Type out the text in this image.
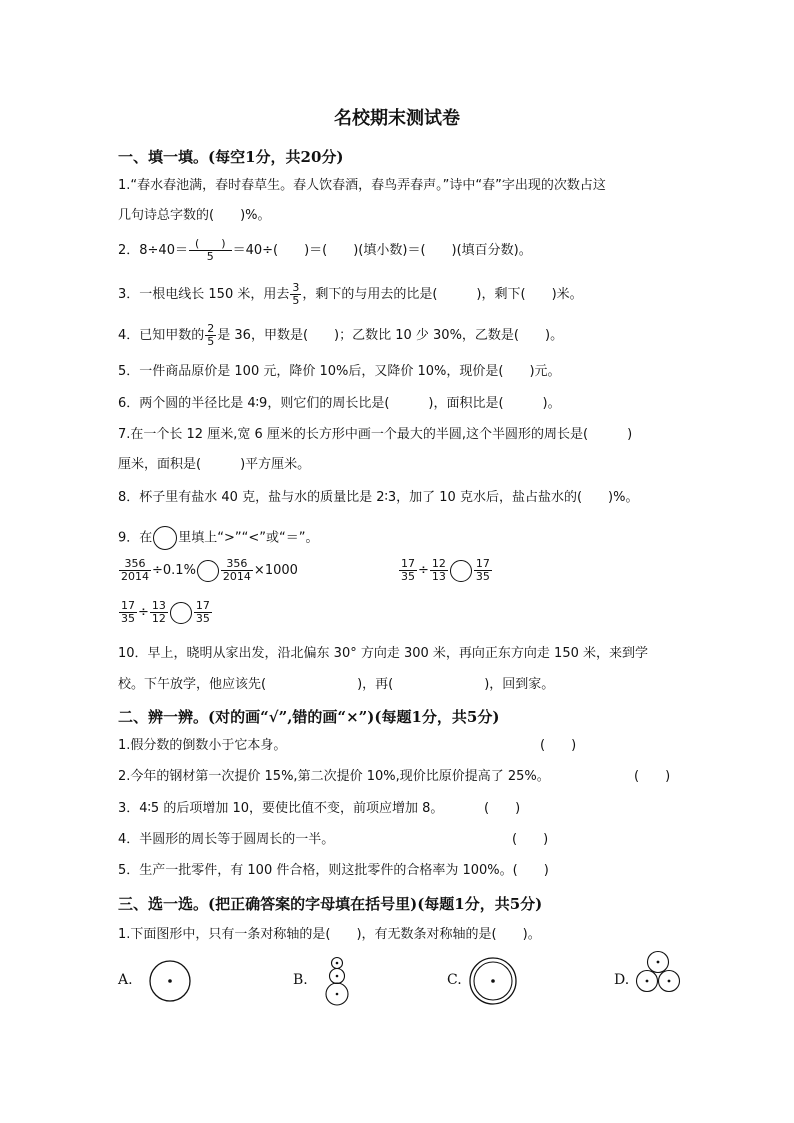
名校期末测试卷
一、填一填。(每空1分，共20分)
1.“春水春池满，春时春草生。春人饮春酒，春鸟弄春声。”诗中“春”字出现的次数占这
几句诗总字数的(　　)%。
2．$8\div 40= \frac{( )}{5} =40\div$(　　)＝(　　)(填小数)＝(　　)(填百分数)。
3．一根电线长 150 米，用去 $\frac{3}{5}$ ，剩下的与用去的比是(　　　)，剩下(　　)米。
4．已知甲数的 $\frac{2}{5}$ 是 36，甲数是(　　)；乙数比 10 少 30%，乙数是(　　)。
5．一件商品原价是 100 元，降价 10%后，又降价 10%，现价是(　　)元。
6．两个圆的半径比是 4∶9，则它们的周长比是(　　　)，面积比是(　　　)。
7.在一个长 12 厘米,宽 6 厘米的长方形中画一个最大的半圆,这个半圆形的周长是(　　　)
厘米，面积是(　　　)平方厘米。
8．杯子里有盐水 40 克，盐与水的质量比是 2∶3，加了 10 克水后，盐占盐水的(　　)%。
9．在 里填上“>”“<”或“＝”。
$\frac{356}{2014} \div 0.1\% \frac{356}{2014} \times 1000$	$\frac{17}{35} \div \frac{12}{13} \frac{17}{35}$
$\frac{17}{35} \div \frac{13}{12} \frac{17}{35}$
10．早上，晓明从家出发，沿北偏东 30° 方向走 300 米，再向正东方向走 150 米，来到学
校。下午放学，他应该先(　　　　　　　)，再(　　　　　　　)，回到家。
二、辨一辨。(对的画“√”,错的画“×”)(每题1分，共5分)
1.假分数的倒数小于它本身。	(　　)
2.今年的钢材第一次提价 15%,第二次提价 10%,现价比原价提高了 25%。	(　　)
3．4∶5 的后项增加 10，要使比值不变，前项应增加 8。	(　　)
4．半圆形的周长等于圆周长的一半。	(　　)
5．生产一批零件，有 100 件合格，则这批零件的合格率为 100%。(　　)
三、选一选。(把正确答案的字母填在括号里)(每题1分，共5分)
1.下面图形中，只有一条对称轴的是(　　)，有无数条对称轴的是(　　)。
A.	B.	C.	D.
